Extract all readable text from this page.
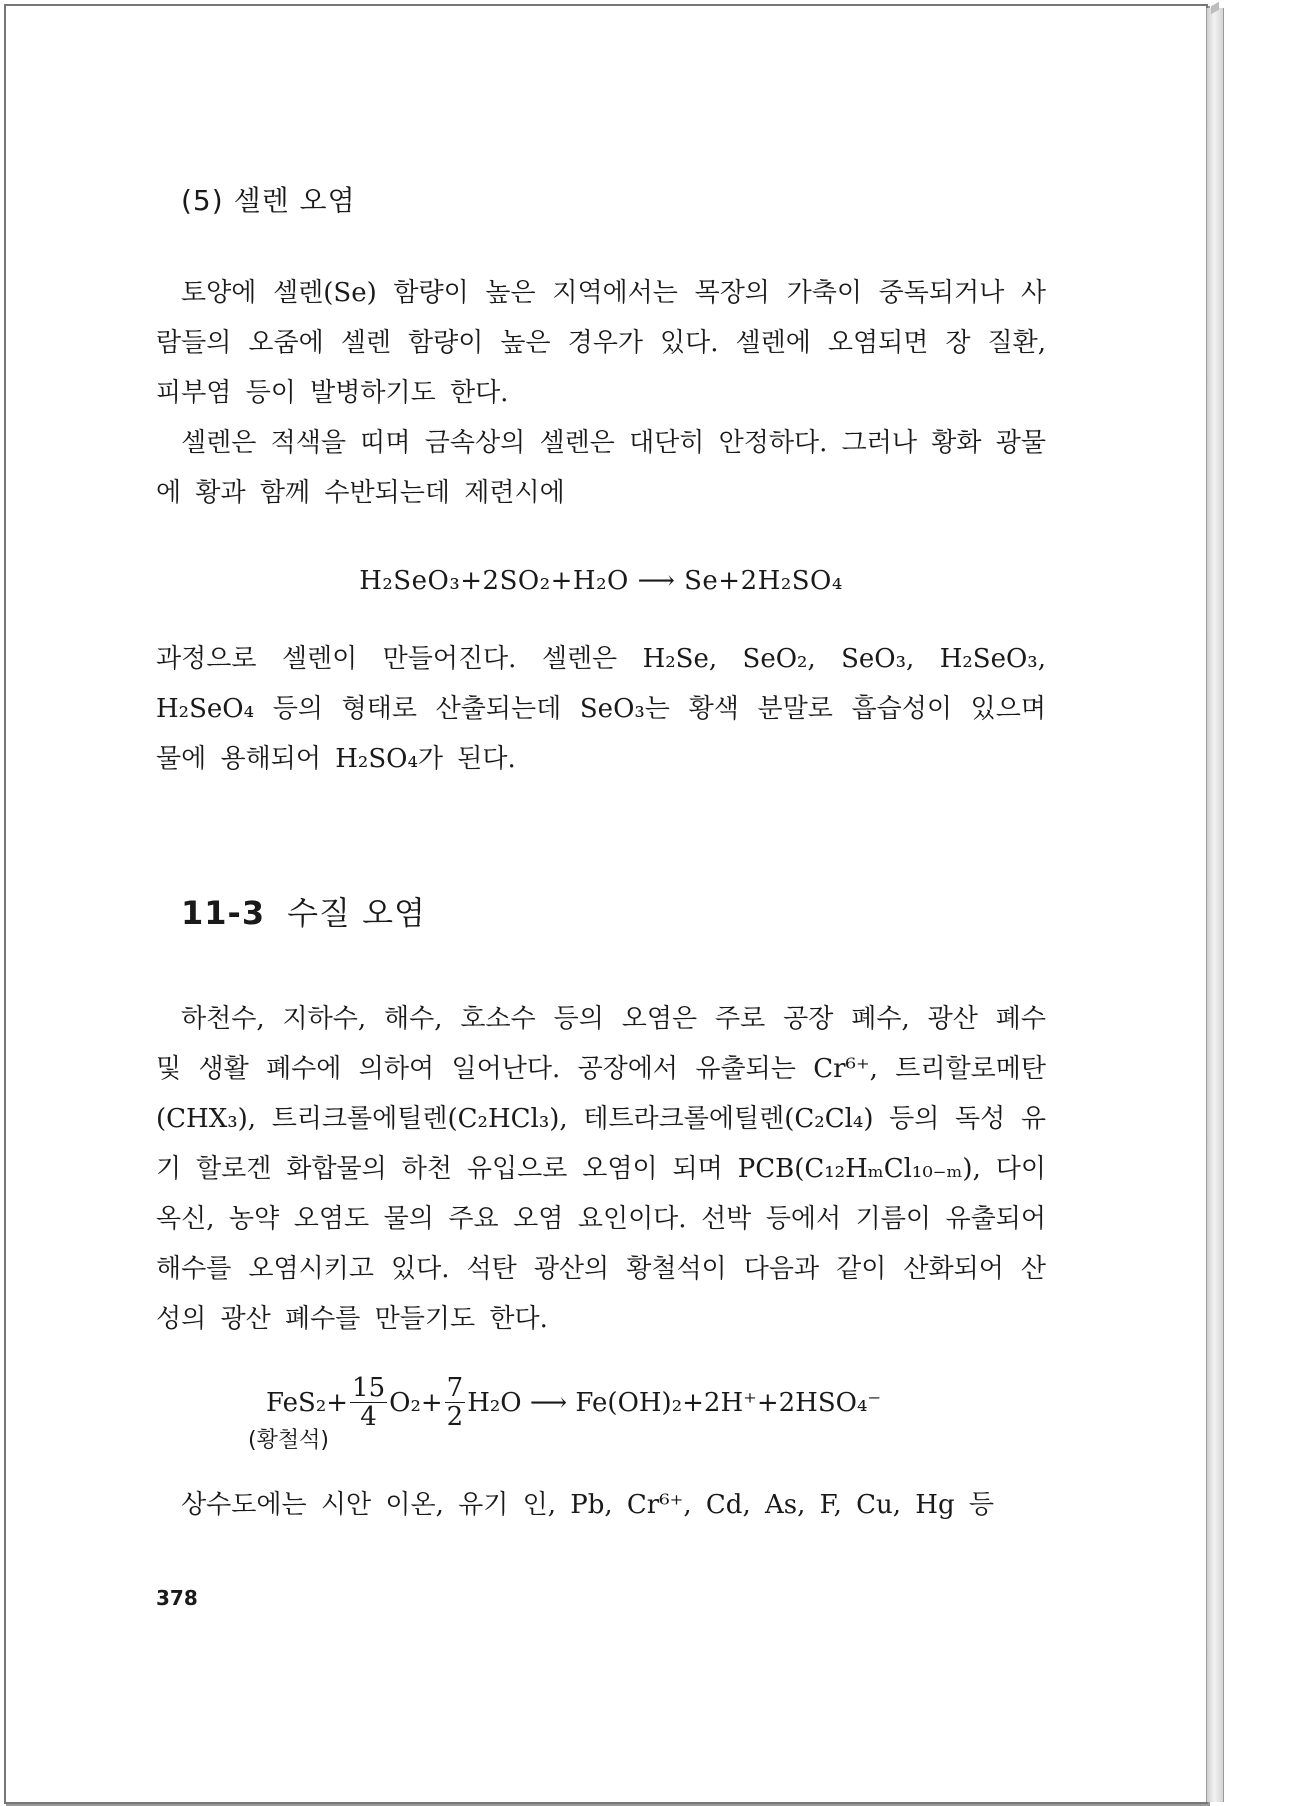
(5) 셀렌 오염

토양에 셀렌(Se) 함량이 높은 지역에서는 목장의 가축이 중독되거나 사람들의 오줌에 셀렌 함량이 높은 경우가 있다. 셀렌에 오염되면 장 질환, 피부염 등이 발병하기도 한다.

셀렌은 적색을 띠며 금속상의 셀렌은 대단히 안정하다. 그러나 황화 광물에 황과 함께 수반되는데 제련시에

H₂SeO₃+2SO₂+H₂O ⟶ Se+2H₂SO₄

과정으로 셀렌이 만들어진다. 셀렌은 H₂Se, SeO₂, SeO₃, H₂SeO₃, H₂SeO₄ 등의 형태로 산출되는데 SeO₃는 황색 분말로 흡습성이 있으며 물에 용해되어 H₂SO₄가 된다.

11-3 수질 오염

하천수, 지하수, 해수, 호소수 등의 오염은 주로 공장 폐수, 광산 폐수 및 생활 폐수에 의하여 일어난다. 공장에서 유출되는 Cr⁶⁺, 트리할로메탄(CHX₃), 트리크롤에틸렌(C₂HCl₃), 테트라크롤에틸렌(C₂Cl₄) 등의 독성 유기 할로겐 화합물의 하천 유입으로 오염이 되며 PCB(C₁₂HₘCl₁₀₋ₘ), 다이옥신, 농약 오염도 물의 주요 오염 요인이다. 선박 등에서 기름이 유출되어 해수를 오염시키고 있다. 석탄 광산의 황철석이 다음과 같이 산화되어 산성의 광산 폐수를 만들기도 한다.

$FeS_2+ \frac{15}{4} O_2+ \frac{7}{2} H_2O$ ⟶ Fe(OH)₂+2H⁺+2HSO₄⁻
(황철석)

상수도에는 시안 이온, 유기 인, Pb, Cr⁶⁺, Cd, As, F, Cu, Hg 등

378
